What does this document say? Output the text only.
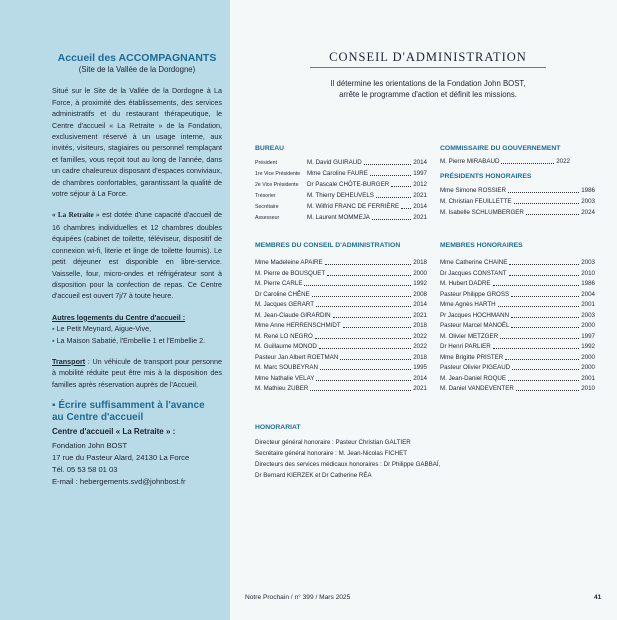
Accueil des ACCOMPAGNANTS
(Site de la Vallée de la Dordogne)

Situé sur le Site de la Vallée de la Dordogne à La Force, à proximité des établissements, des services administratifs et du restaurant thérapeutique, le Centre d'accueil « La Retraite » de la Fondation, exclusivement réservé à un usage interne, aux invités, visiteurs, stagiaires ou personnel remplaçant et familles, vous reçoit tout au long de l'année, dans un cadre chaleureux disposant d'espaces conviviaux, de chambres confortables, garantissant la qualité de votre séjour à La Force.

« La Retraite » est dotée d'une capacité d'accueil de 16 chambres individuelles et 12 chambres doubles équipées (cabinet de toilette, téléviseur, dispositif de connexion wi-fi, literie et linge de toilette fournis). Le petit déjeuner est disponible en libre-service. Vaisselle, four, micro-ondes et réfrigérateur sont à disposition pour la confection de repas. Ce Centre d'accueil est ouvert 7j/7 à toute heure.

Autres logements du Centre d'accueil :
▪ Le Petit Meynard, Aigue-Vive,
▪ La Maison Sabatié, l'Embellie 1 et l'Embellie 2.

Transport : Un véhicule de transport pour personne à mobilité réduite peut être mis à la disposition des familles après réservation auprès de l'Accueil.

▪ Écrire suffisamment à l'avance
au Centre d'accueil
Centre d'accueil « La Retraite » :
Fondation John BOST
17 rue du Pasteur Alard, 24130 La Force
Tél. 05 53 58 01 03
E-mail : hebergements.svd@johnbost.fr
CONSEIL D'ADMINISTRATION
Il détermine les orientations de la Fondation John BOST,
arrête le programme d'action et définit les missions.
BUREAU
Président	M. David GUIRAUD	2014
1re Vice Présidente	Mme Caroline FAURE	1997
2e Vice Présidente	Dr Pascale CHÔTE-BURGER	2012
Trésorier	M. Thierry DEHEUVELS	2021
Secrétaire	M. Wilfrid FRANC DE FERRIÈRE 2014
Assesseur	M. Laurent MOMMEJA	2021
COMMISSAIRE DU GOUVERNEMENT
M. Pierre MIRABAUD	2022
PRÉSIDENTS HONORAIRES
Mme Simone ROSSIER	1986
M. Christian FEUILLETTE	2003
M. Isabelle SCHLUMBERGER	2024
MEMBRES DU CONSEIL D'ADMINISTRATION
Mme Madeleine APAIRE	2018
M. Pierre de BOUSQUET	2000
M. Pierre CARLE	1992
Dr Caroline CHÊNE	2008
M. Jacques GERART	2014
M. Jean-Claude GIRARDIN	2021
Mme Anne HERRENSCHMIDT	2018
M. René LO NEGRO	2022
M. Guillaume MONOD	2022
Pasteur Jan Albert ROETMAN	2018
M. Marc SOUBEYRAN	1995
Mme Nathalie VELAY	2014
M. Mathieu ZUBER	2021
MEMBRES HONORAIRES
Mme Catherine CHAINE	2003
Dr Jacques CONSTANT	2010
M. Hubert DADRE	1986
Pasteur Philippe GROSS	2004
Mme Agnès HARTH	2001
Pr Jacques HOCHMANN	2003
Pasteur Marcel MANOËL	2000
M. Olivier METZGER	1997
Dr Henri PARLIER	1992
Mme Brigitte PRISTER	2000
Pasteur Olivier PIGEAUD	2000
M. Jean-Daniel ROQUE	2001
M. Daniel VANDEVENTER	2010
HONORARIAT
Directeur général honoraire : Pasteur Christian GALTIER
Secrétaire général honoraire : M. Jean-Nicolas FICHET
Directeurs des services médicaux honoraires : Dr Philippe GABBAÏ,
Dr Bernard KIERZEK et Dr Catherine RÉA
Notre Prochain / n° 399 / Mars 2025	41
